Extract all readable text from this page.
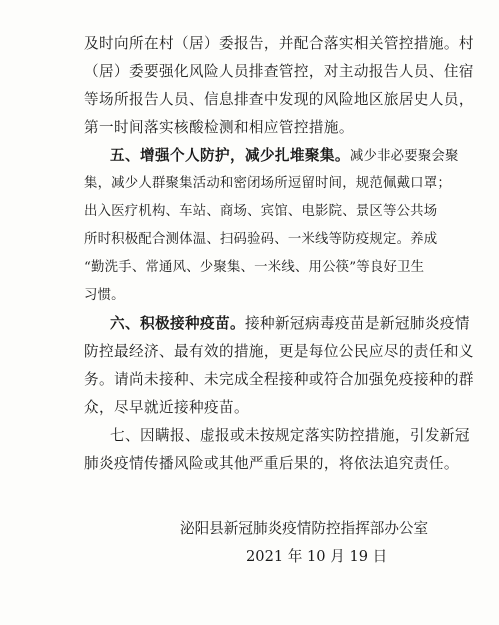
及时向所在村（居）委报告，并配合落实相关管控措施。村
（居）委要强化风险人员排查管控，对主动报告人员、住宿
等场所报告人员、信息排查中发现的风险地区旅居史人员，
第一时间落实核酸检测和相应管控措施。
五、增强个人防护，减少扎堆聚集。减少非必要聚会聚
集，减少人群聚集活动和密闭场所逗留时间，规范佩戴口罩；
出入医疗机构、车站、商场、宾馆、电影院、景区等公共场
所时积极配合测体温、扫码验码、一米线等防疫规定。养成
“勤洗手、常通风、少聚集、一米线、用公筷”等良好卫生
习惯。
六、积极接种疫苗。接种新冠病毒疫苗是新冠肺炎疫情
防控最经济、最有效的措施，更是每位公民应尽的责任和义
务。请尚未接种、未完成全程接种或符合加强免疫接种的群
众，尽早就近接种疫苗。
七、因瞒报、虚报或未按规定落实防控措施，引发新冠
肺炎疫情传播风险或其他严重后果的，将依法追究责任。
泌阳县新冠肺炎疫情防控指挥部办公室
2021 年 10 月 19 日
